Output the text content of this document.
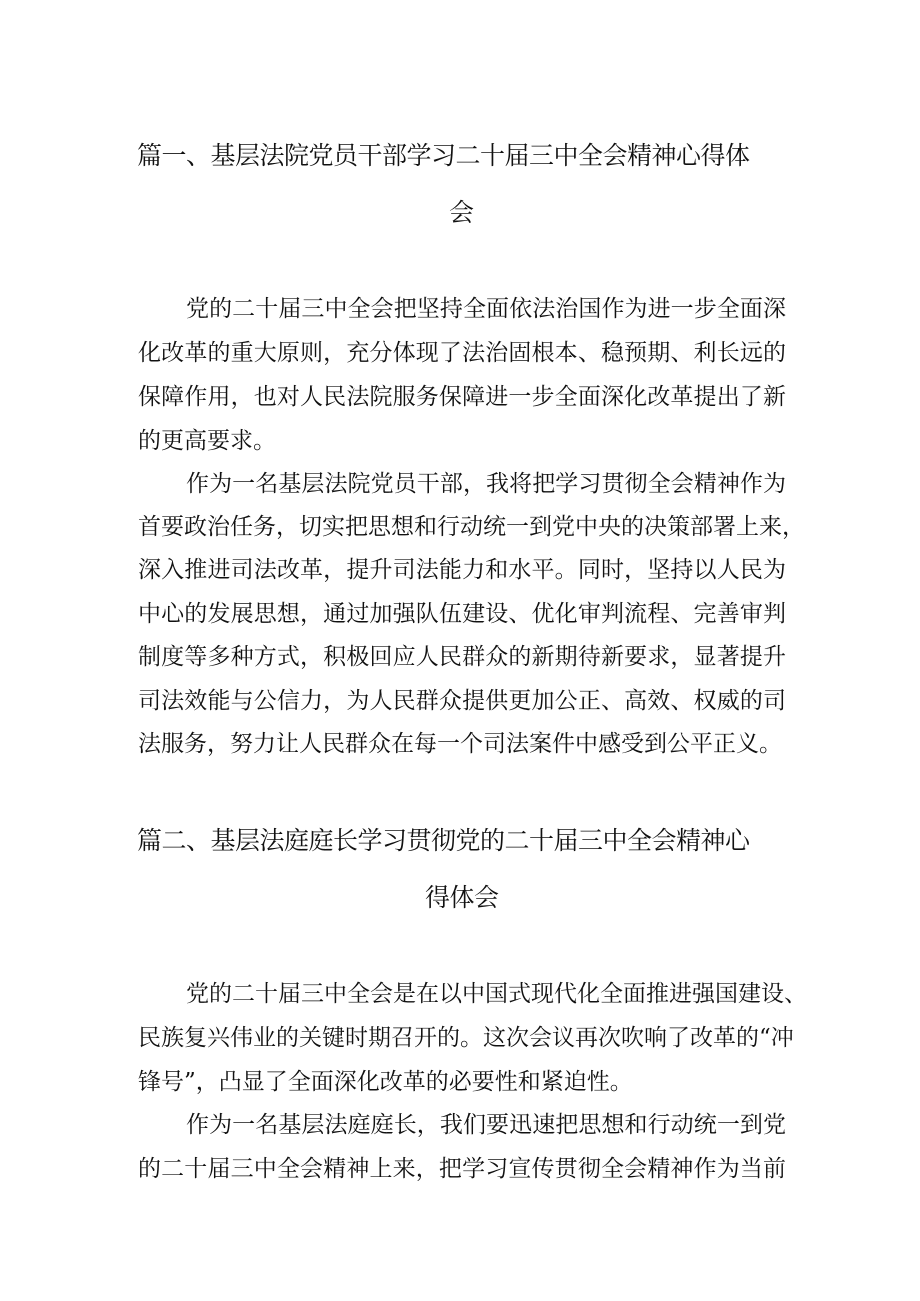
篇一、基层法院党员干部学习二十届三中全会精神心得体
会
党的二十届三中全会把坚持全面依法治国作为进一步全面深
化改革的重大原则，充分体现了法治固根本、稳预期、利长远的
保障作用，也对人民法院服务保障进一步全面深化改革提出了新
的更高要求。
作为一名基层法院党员干部，我将把学习贯彻全会精神作为
首要政治任务，切实把思想和行动统一到党中央的决策部署上来，
深入推进司法改革，提升司法能力和水平。同时，坚持以人民为
中心的发展思想，通过加强队伍建设、优化审判流程、完善审判
制度等多种方式，积极回应人民群众的新期待新要求，显著提升
司法效能与公信力，为人民群众提供更加公正、高效、权威的司
法服务，努力让人民群众在每一个司法案件中感受到公平正义。
篇二、基层法庭庭长学习贯彻党的二十届三中全会精神心
得体会
党的二十届三中全会是在以中国式现代化全面推进强国建设、
民族复兴伟业的关键时期召开的。这次会议再次吹响了改革的“冲
锋号”，凸显了全面深化改革的必要性和紧迫性。
作为一名基层法庭庭长，我们要迅速把思想和行动统一到党
的二十届三中全会精神上来，把学习宣传贯彻全会精神作为当前
